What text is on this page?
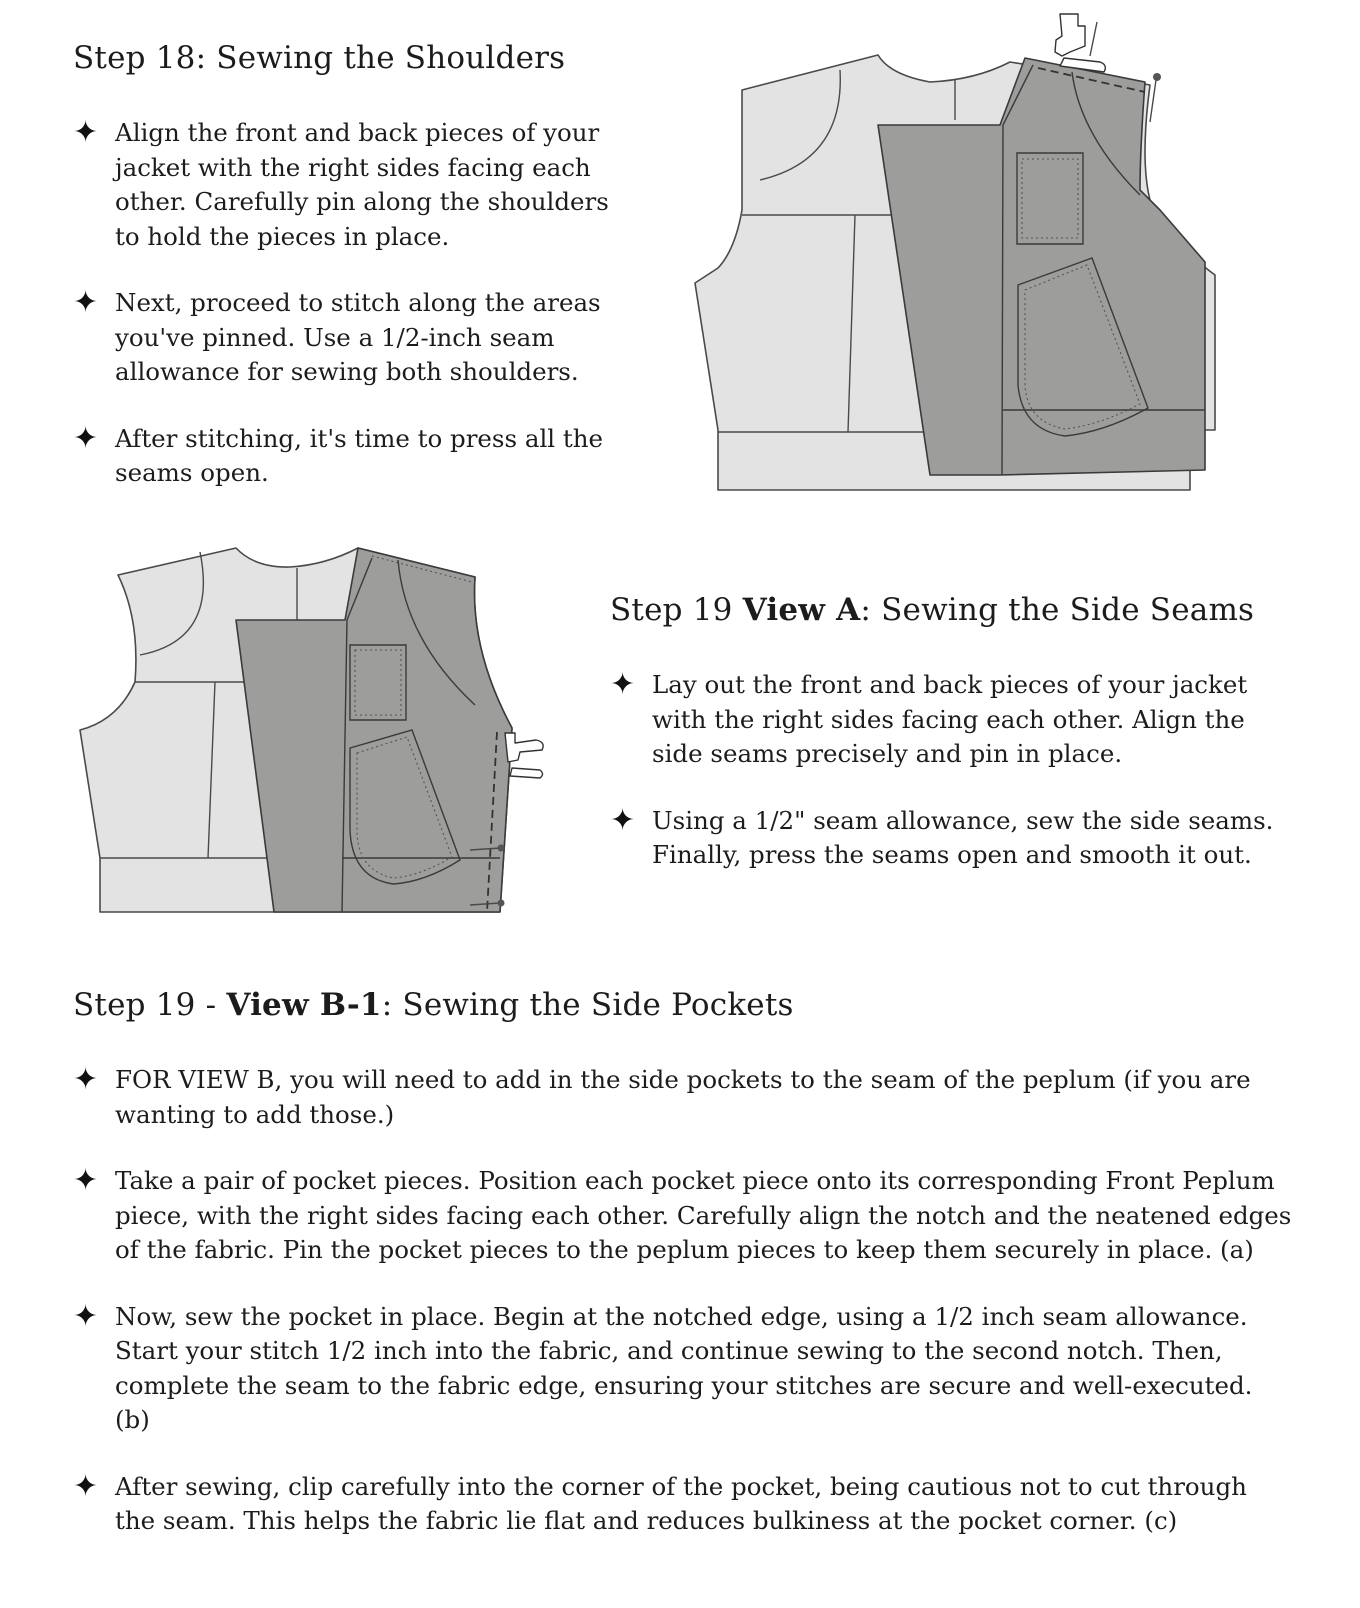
Step 18: Sewing the Shoulders
✦ Align the front and back pieces of your jacket with the right sides facing each other. Carefully pin along the shoulders to hold the pieces in place.
✦ Next, proceed to stitch along the areas you've pinned. Use a 1/2-inch seam allowance for sewing both shoulders.
✦ After stitching, it's time to press all the seams open.
Step 19 View A: Sewing the Side Seams
✦ Lay out the front and back pieces of your jacket with the right sides facing each other. Align the side seams precisely and pin in place.
✦ Using a 1/2" seam allowance, sew the side seams. Finally, press the seams open and smooth it out.
Step 19 - View B-1: Sewing the Side Pockets
✦ FOR VIEW B, you will need to add in the side pockets to the seam of the peplum (if you are wanting to add those.)
✦ Take a pair of pocket pieces. Position each pocket piece onto its corresponding Front Peplum piece, with the right sides facing each other. Carefully align the notch and the neatened edges of the fabric. Pin the pocket pieces to the peplum pieces to keep them securely in place. (a)
✦ Now, sew the pocket in place. Begin at the notched edge, using a 1/2 inch seam allowance. Start your stitch 1/2 inch into the fabric, and continue sewing to the second notch. Then, complete the seam to the fabric edge, ensuring your stitches are secure and well-executed. (b)
✦ After sewing, clip carefully into the corner of the pocket, being cautious not to cut through the seam. This helps the fabric lie flat and reduces bulkiness at the pocket corner. (c)
